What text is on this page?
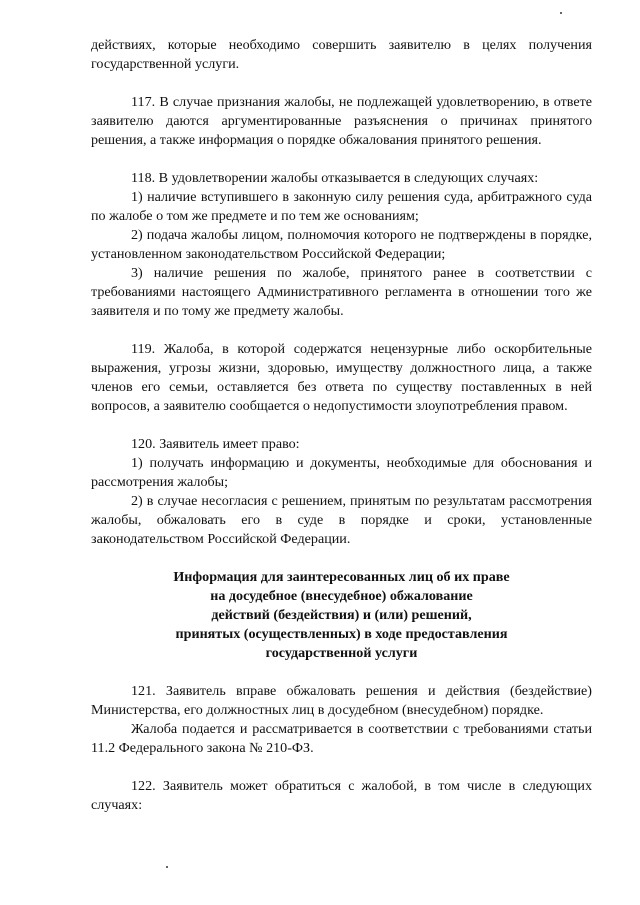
действиях, которые необходимо совершить заявителю в целях получения государственной услуги.

117. В случае признания жалобы, не подлежащей удовлетворению, в ответе заявителю даются аргументированные разъяснения о причинах принятого решения, а также информация о порядке обжалования принятого решения.

118. В удовлетворении жалобы отказывается в следующих случаях:

1) наличие вступившего в законную силу решения суда, арбитражного суда по жалобе о том же предмете и по тем же основаниям;

2) подача жалобы лицом, полномочия которого не подтверждены в порядке, установленном законодательством Российской Федерации;

3) наличие решения по жалобе, принятого ранее в соответствии с требованиями настоящего Административного регламента в отношении того же заявителя и по тому же предмету жалобы.

119. Жалоба, в которой содержатся нецензурные либо оскорбительные выражения, угрозы жизни, здоровью, имуществу должностного лица, а также членов его семьи, оставляется без ответа по существу поставленных в ней вопросов, а заявителю сообщается о недопустимости злоупотребления правом.

120. Заявитель имеет право:

1) получать информацию и документы, необходимые для обоснования и рассмотрения жалобы;

2) в случае несогласия с решением, принятым по результатам рассмотрения жалобы, обжаловать его в суде в порядке и сроки, установленные законодательством Российской Федерации.

Информация для заинтересованных лиц об их праве
на досудебное (внесудебное) обжалование
действий (бездействия) и (или) решений,
принятых (осуществленных) в ходе предоставления
государственной услуги

121. Заявитель вправе обжаловать решения и действия (бездействие) Министерства, его должностных лиц в досудебном (внесудебном) порядке.

Жалоба подается и рассматривается в соответствии с требованиями статьи 11.2 Федерального закона № 210-ФЗ.

122. Заявитель может обратиться с жалобой, в том числе в следующих случаях:
